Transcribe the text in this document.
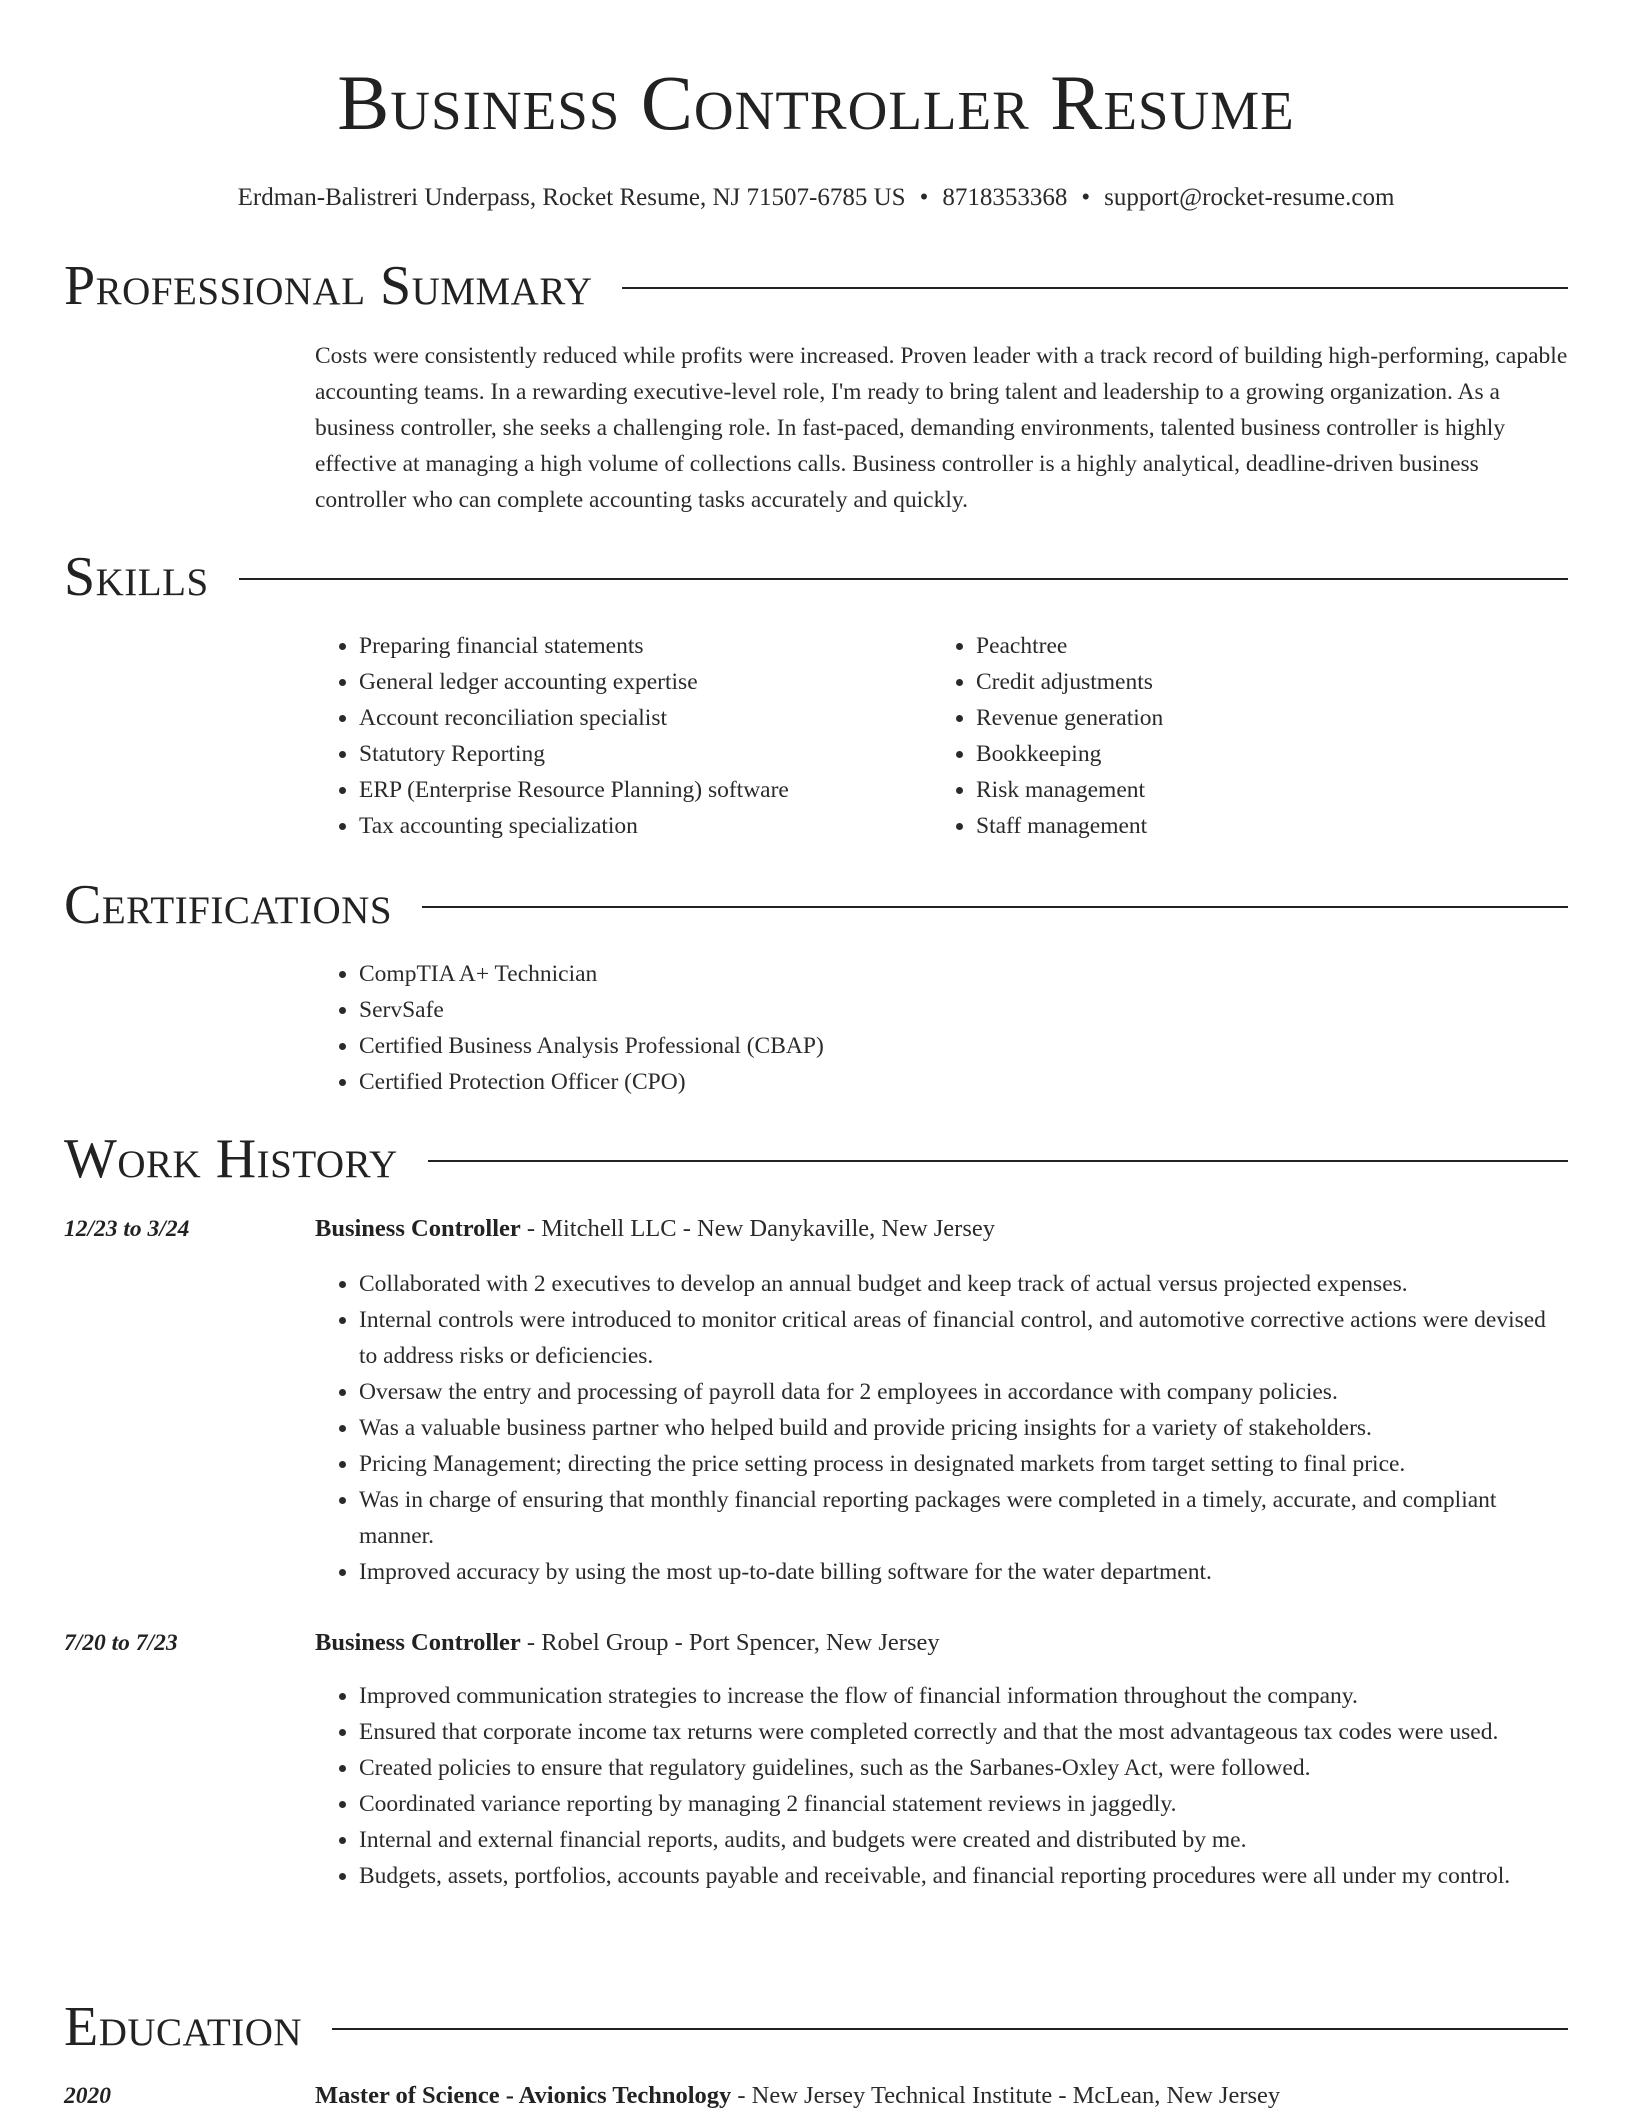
Business Controller Resume
Erdman-Balistreri Underpass, Rocket Resume, NJ 71507-6785 US • 8718353368 • support@rocket-resume.com
Professional Summary

Costs were consistently reduced while profits were increased. Proven leader with a track record of building high-performing, capable accounting teams. In a rewarding executive-level role, I'm ready to bring talent and leadership to a growing organization. As a business controller, she seeks a challenging role. In fast-paced, demanding environments, talented business controller is highly effective at managing a high volume of collections calls. Business controller is a highly analytical, deadline-driven business controller who can complete accounting tasks accurately and quickly.

Skills
• Preparing financial statements
• General ledger accounting expertise
• Account reconciliation specialist
• Statutory Reporting
• ERP (Enterprise Resource Planning) software
• Tax accounting specialization
• Peachtree
• Credit adjustments
• Revenue generation
• Bookkeeping
• Risk management
• Staff management
Certifications
• CompTIA A+ Technician
• ServSafe
• Certified Business Analysis Professional (CBAP)
• Certified Protection Officer (CPO)
Work History
12/23 to 3/24	Business Controller - Mitchell LLC - New Danykaville, New Jersey
• Collaborated with 2 executives to develop an annual budget and keep track of actual versus projected expenses.
• Internal controls were introduced to monitor critical areas of financial control, and automotive corrective actions were devised to address risks or deficiencies.
• Oversaw the entry and processing of payroll data for 2 employees in accordance with company policies.
• Was a valuable business partner who helped build and provide pricing insights for a variety of stakeholders.
• Pricing Management; directing the price setting process in designated markets from target setting to final price.
• Was in charge of ensuring that monthly financial reporting packages were completed in a timely, accurate, and compliant manner.
• Improved accuracy by using the most up-to-date billing software for the water department.
7/20 to 7/23	Business Controller - Robel Group - Port Spencer, New Jersey
• Improved communication strategies to increase the flow of financial information throughout the company.
• Ensured that corporate income tax returns were completed correctly and that the most advantageous tax codes were used.
• Created policies to ensure that regulatory guidelines, such as the Sarbanes-Oxley Act, were followed.
• Coordinated variance reporting by managing 2 financial statement reviews in jaggedly.
• Internal and external financial reports, audits, and budgets were created and distributed by me.
• Budgets, assets, portfolios, accounts payable and receivable, and financial reporting procedures were all under my control.
Education
2020	Master of Science - Avionics Technology - New Jersey Technical Institute - McLean, New Jersey
